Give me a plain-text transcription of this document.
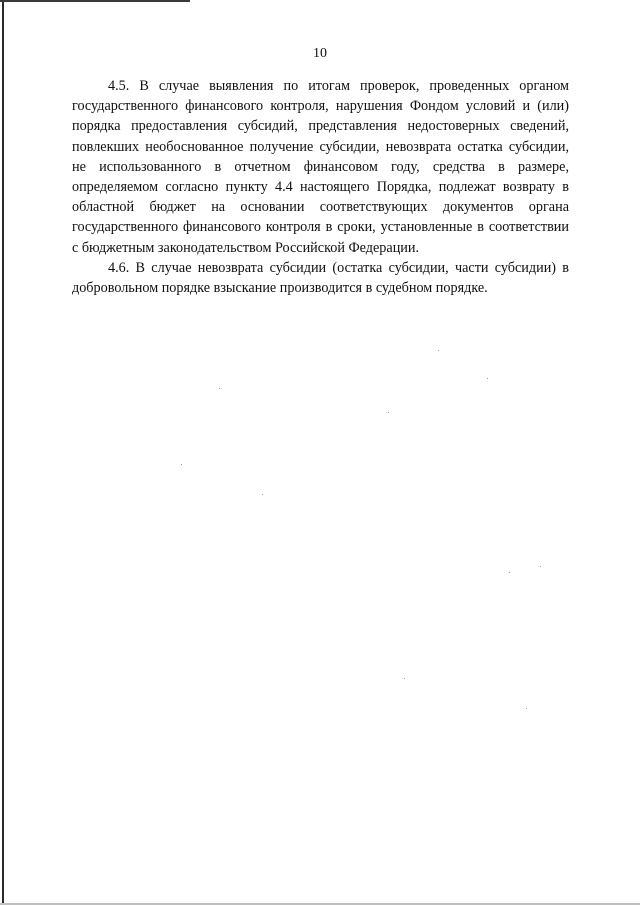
10

4.5. В случае выявления по итогам проверок, проведенных органом государственного финансового контроля, нарушения Фондом условий и (или) порядка предоставления субсидий, представления недостоверных сведений, повлекших необоснованное получение субсидии, невозврата остатка субсидии, не использованного в отчетном финансовом году, средства в размере, определяемом согласно пункту 4.4 настоящего Порядка, подлежат возврату в областной бюджет на основании соответствующих документов органа государственного финансового контроля в сроки, установленные в соответствии с бюджетным законодательством Российской Федерации.

4.6. В случае невозврата субсидии (остатка субсидии, части субсидии) в добровольном порядке взыскание производится в судебном порядке.
